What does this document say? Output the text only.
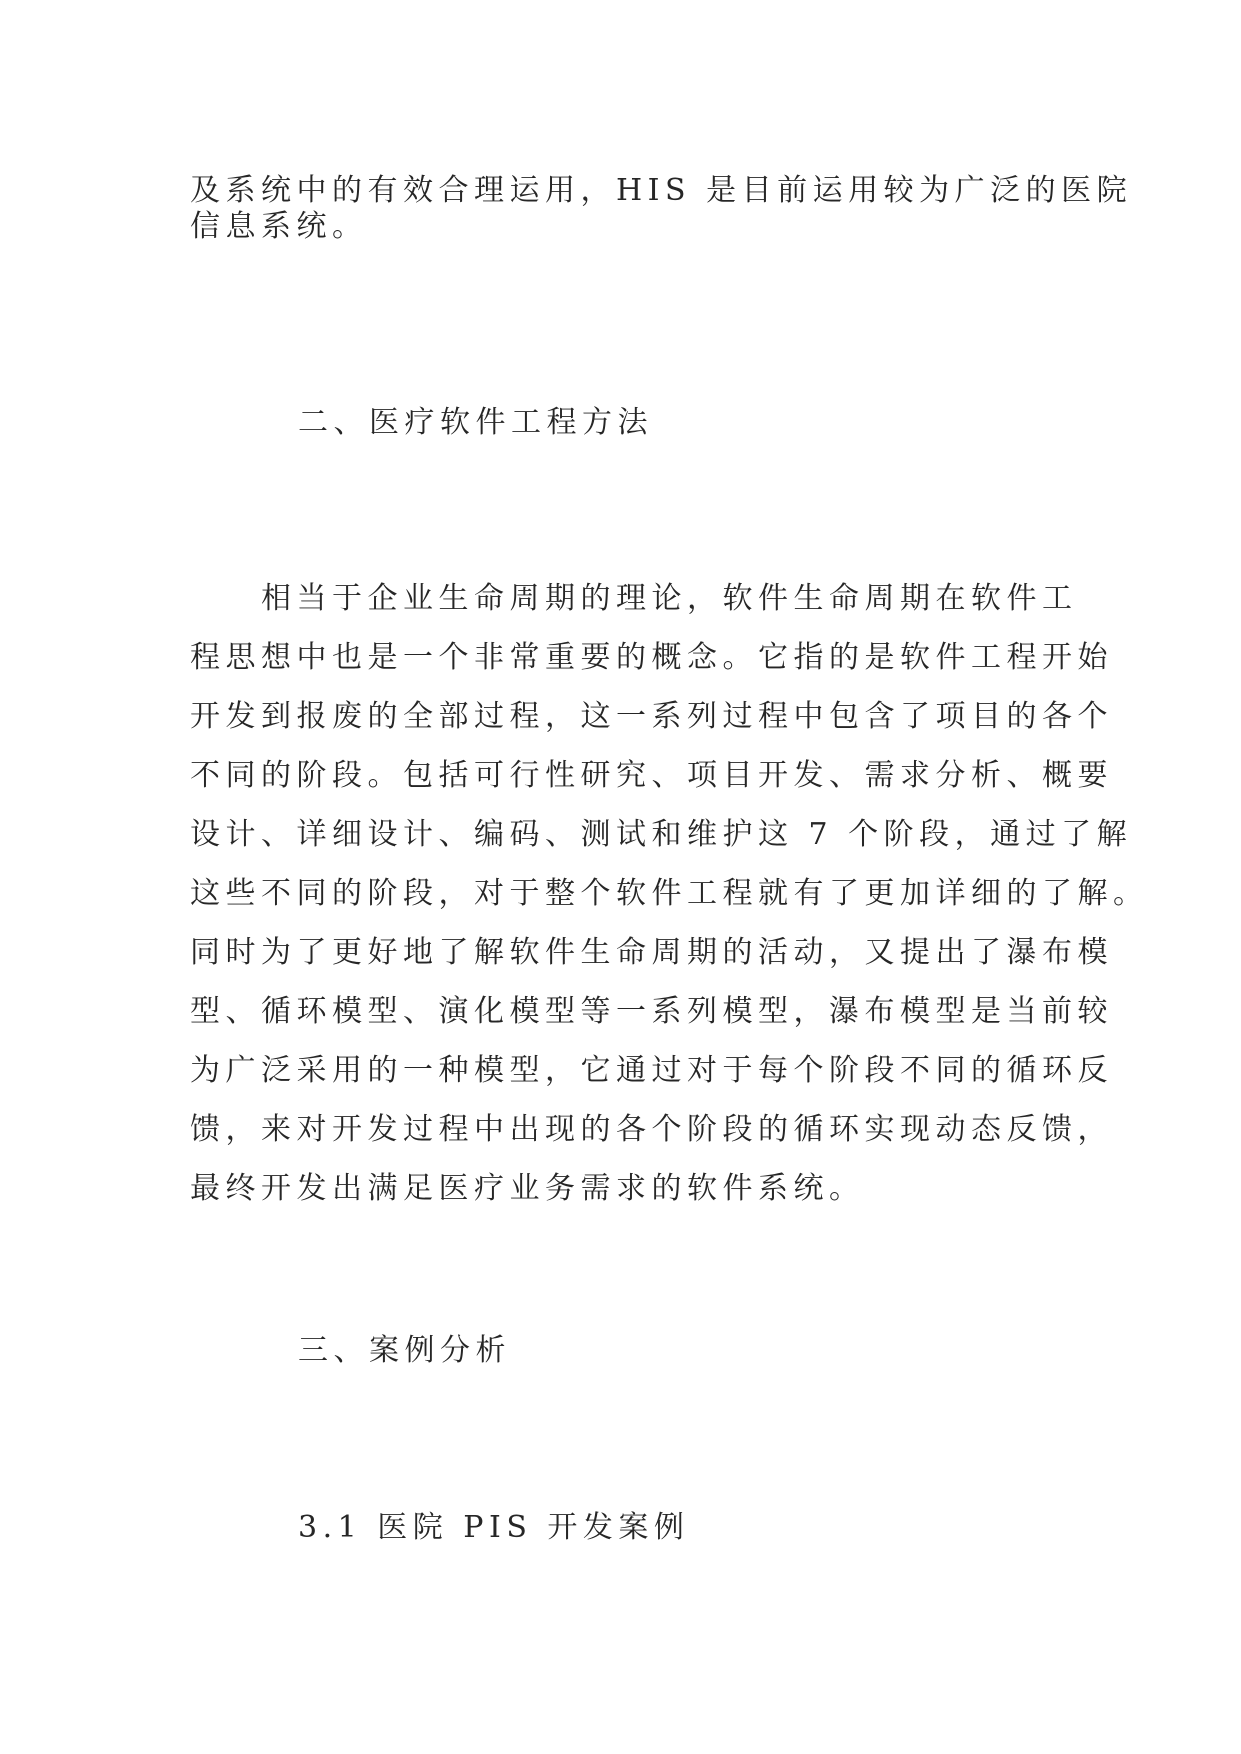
及系统中的有效合理运用，HIS 是目前运用较为广泛的医院

信息系统。

二、医疗软件工程方法

　　相当于企业生命周期的理论，软件生命周期在软件工

程思想中也是一个非常重要的概念。它指的是软件工程开始

开发到报废的全部过程，这一系列过程中包含了项目的各个

不同的阶段。包括可行性研究、项目开发、需求分析、概要

设计、详细设计、编码、测试和维护这 7 个阶段，通过了解

这些不同的阶段，对于整个软件工程就有了更加详细的了解。

同时为了更好地了解软件生命周期的活动，又提出了瀑布模

型、循环模型、演化模型等一系列模型，瀑布模型是当前较

为广泛采用的一种模型，它通过对于每个阶段不同的循环反

馈，来对开发过程中出现的各个阶段的循环实现动态反馈，

最终开发出满足医疗业务需求的软件系统。

三、案例分析

3.1 医院 PIS 开发案例
